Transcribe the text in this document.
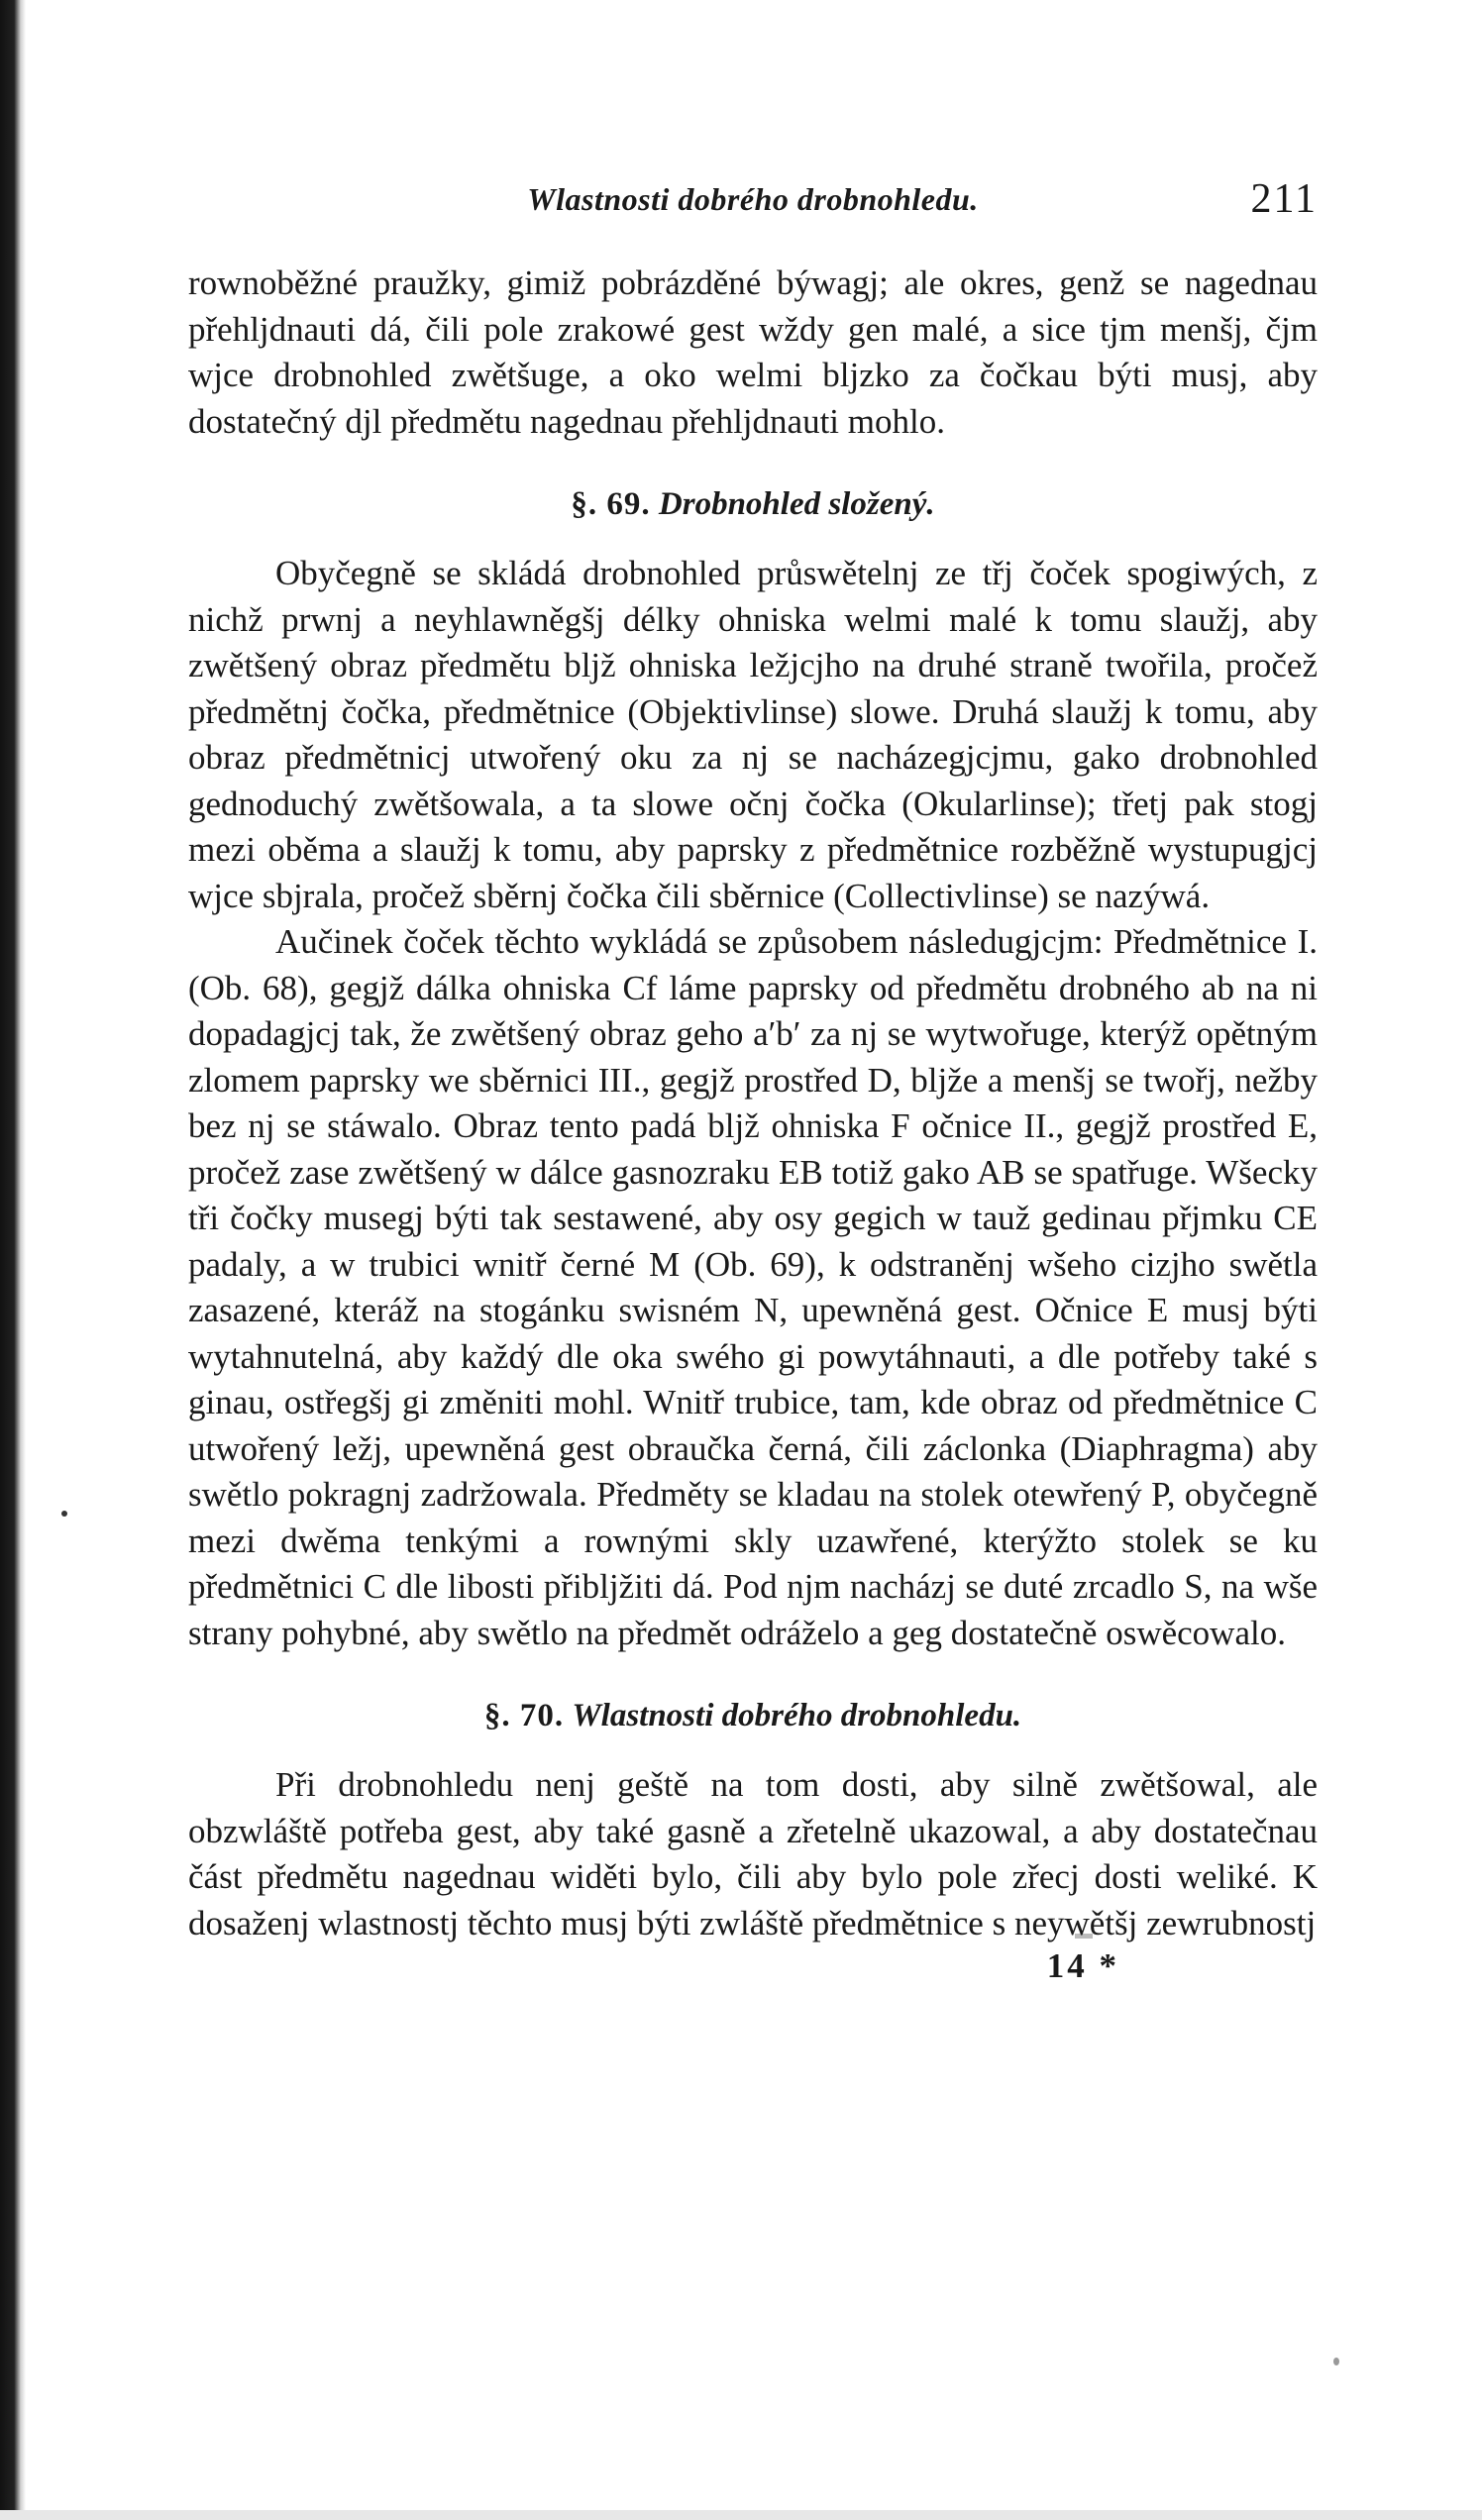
Wlastnosti dobrého drobnohledu.	211

rownoběžné praužky, gimiž pobrázděné býwagj; ale okres, genž se nagednau přehljdnauti dá, čili pole zrakowé gest wždy gen malé, a sice tjm menšj, čjm wjce drobnohled zwětšuge, a oko welmi bljzko za čočkau býti musj, aby dostatečný djl předmětu nagednau přehljdnauti mohlo.

§. 69. Drobnohled složený.

Obyčegně se skládá drobnohled průswětelnj ze třj čoček spogiwých, z nichž prwnj a neyhlawněgšj délky ohniska welmi malé k tomu slaužj, aby zwětšený obraz předmětu bljž ohniska ležjcjho na druhé straně twořila, pročež předmětnj čočka, předmětnice (Objektivlinse) slowe. Druhá slaužj k tomu, aby obraz předmětnicj utwořený oku za nj se nacházegjcjmu, gako drobnohled gednoduchý zwětšowala, a ta slowe očnj čočka (Okularlinse); třetj pak stogj mezi oběma a slaužj k tomu, aby paprsky z předmětnice rozběžně wystupugjcj wjce sbjrala, pročež sběrnj čočka čili sběrnice (Collectivlinse) se nazýwá.

Aučinek čoček těchto wykládá se způsobem následugjcjm: Předmětnice I. (Ob. 68), gegjž dálka ohniska Cf láme paprsky od předmětu drobného ab na ni dopadagjcj tak, že zwětšený obraz geho a′b′ za nj se wytwořuge, kterýž opětným zlomem paprsky we sběrnici III., gegjž prostřed D, bljže a menšj se twořj, nežby bez nj se stáwalo. Obraz tento padá bljž ohniska F očnice II., gegjž prostřed E, pročež zase zwětšený w dálce gasnozraku EB totiž gako AB se spatřuge. Wšecky tři čočky musegj býti tak sestawené, aby osy gegich w tauž gedinau přjmku CE padaly, a w trubici wnitř černé M (Ob. 69), k odstraněnj wšeho cizjho swětla zasazené, kteráž na stogánku swisném N, upewněná gest. Očnice E musj býti wytahnutelná, aby každý dle oka swého gi powytáhnauti, a dle potřeby také s ginau, ostřegšj gi změniti mohl. Wnitř trubice, tam, kde obraz od předmětnice C utwořený ležj, upewněná gest obraučka černá, čili záclonka (Diaphragma) aby swětlo pokragnj zadržowala. Předměty se kladau na stolek otewřený P, obyčegně mezi dwěma tenkými a rownými skly uzawřené, kterýžto stolek se ku předmětnici C dle libosti přibljžiti dá. Pod njm nacházj se duté zrcadlo S, na wše strany pohybné, aby swětlo na předmět odráželo a geg dostatečně oswěcowalo.

§. 70. Wlastnosti dobrého drobnohledu.

Při drobnohledu nenj geště na tom dosti, aby silně zwětšowal, ale obzwláště potřeba gest, aby také gasně a zřetelně ukazowal, a aby dostatečnau část předmětu nagednau widěti bylo, čili aby bylo pole zřecj dosti weliké. K dosaženj wlastnostj těchto musj býti zwláště předmětnice s neywětšj zewrubnostj

14 *
